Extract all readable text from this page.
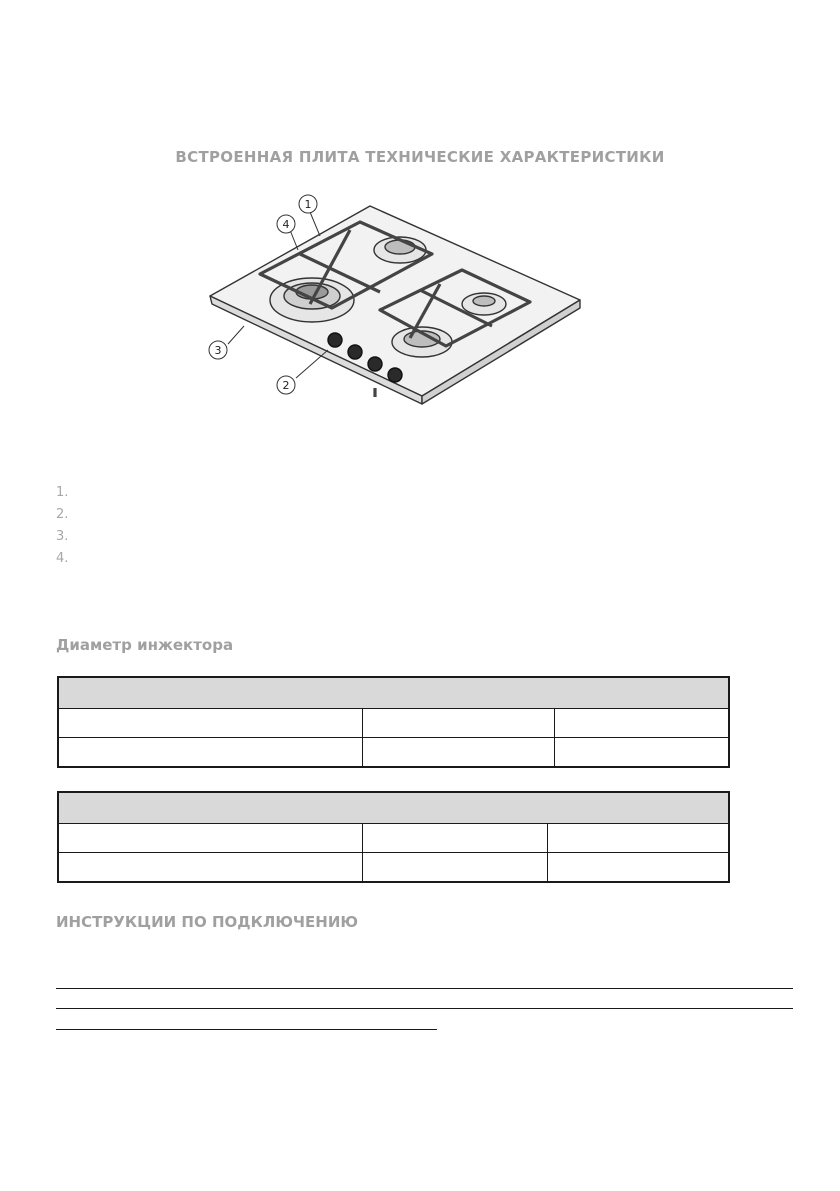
ВСТРОЕННАЯ ПЛИТА ТЕХНИЧЕСКИЕ ХАРАКТЕРИСТИКИ
1
4
3
2
1.
2.
3.
4.
Диаметр инжектора

ИНСТРУКЦИИ ПО ПОДКЛЮЧЕНИЮ
